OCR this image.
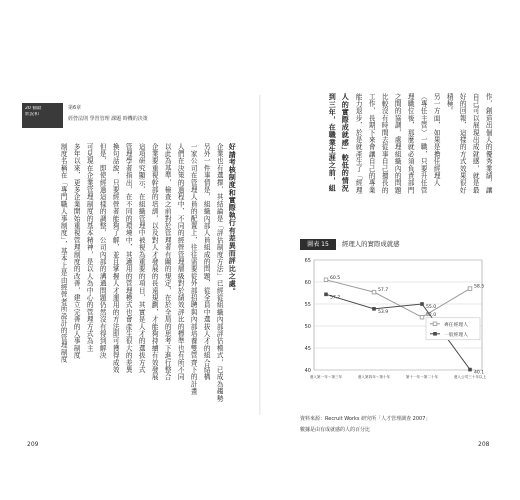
20 個最
狀況和
第6章
經營法則 學習管理 課題 時機的決策
好請考核制度和實際執行有差異而評比之處。
企業也有選擇，其結論是「評估制度方法」已經從組織內部評估模式，已成為趨勢
另外一件事情是，組織內部人員組成的問題，從全員中選拔人才的組合結構
一家公司在管理人員的配置上，往往需要從外部招聘與內部培養雙管齊下的計畫
人們在決策的過程中，不同的經營管理層級對於績效評比的標準也有所不同
以此為基準，檢查之前對於管理者有關的規定，在於全局的思考下進行整合
企業要重視幹部的培訓，以及對人才發展的長遠規劃，才能夠持續有效發展
這項研究顯示，在組織管理中被視為重要的項目，其實是人才的選拔方式
管理學者指出，在不同的環境中，其適用的管理模式也會產生很大的差異
換句話說，只要經營者能夠了解，並且掌握人才運用的方法即可獲得成效
但是，即使經過這樣的調整，公司內部的溝通問題仍然沒有得到解決
可見現在企業管理制度的基本精神，是以人為中心的管理方式為主
多年以來，更多企業開始重視管理制度的改善，建立完善的人事制度
制度名稱在「專門職人事制度」，基本上是由經營者所設計的管理制度	作，創造出個人的優秀業績，讓
自己可以展現出成就感，就是最
好的回報，這樣的方式效果很好
積極。
另一方面，如果是擔任經理人
（專任主管）一職，只要升任管
理職位後，那麼就必須負責部門
之間的協調，處理組織內的問題
比較沒有時間去從事自己擅長的
工作，長期下來會讓自己的專業
能力退步，於是就產生了「經理
人的實際成就感」較低的情況
到三年，在職業生涯之前，組
圖表 15	經理人的實際成就感
40
45
50
55
60
65
進入第一年～第三年	進入第四年～第十年	第十一年～第二十年	進入公司三十年以上
60.5
57.7
52.0
58.5
57.2
53.9
55.0
40.1
專任經理人
一般經理人
資料來源：Recruit Works 研究所「人才管理調查 2007」
數據是由有成就感的人的百分比
209	208
